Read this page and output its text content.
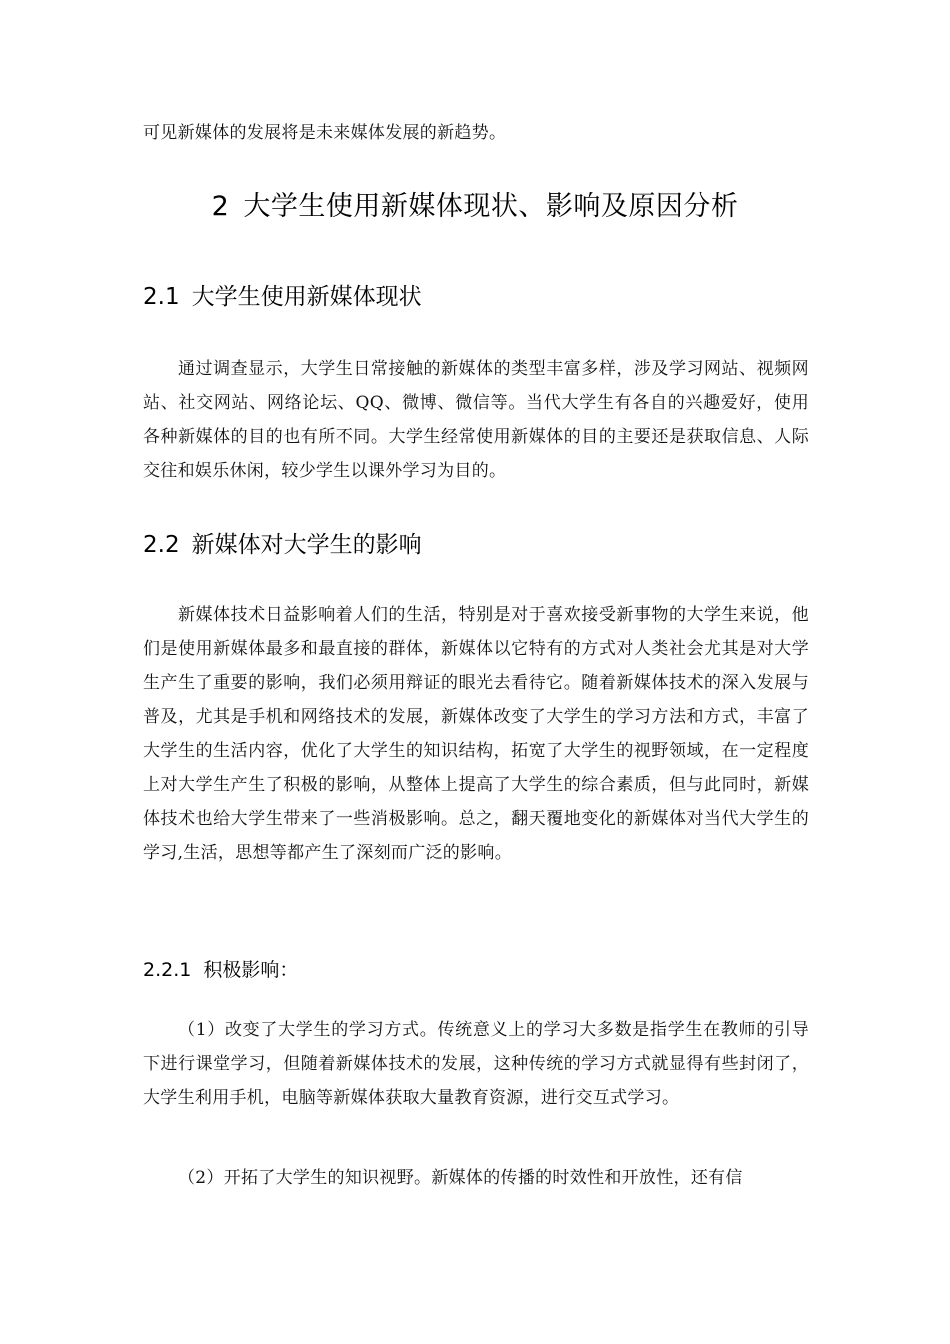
可见新媒体的发展将是未来媒体发展的新趋势。
2 大学生使用新媒体现状、影响及原因分析
2.1 大学生使用新媒体现状
通过调查显示，大学生日常接触的新媒体的类型丰富多样，涉及学习网站、视频网站、社交网站、网络论坛、QQ、微博、微信等。当代大学生有各自的兴趣爱好，使用各种新媒体的目的也有所不同。大学生经常使用新媒体的目的主要还是获取信息、人际交往和娱乐休闲，较少学生以课外学习为目的。
2.2 新媒体对大学生的影响
新媒体技术日益影响着人们的生活，特别是对于喜欢接受新事物的大学生来说，他们是使用新媒体最多和最直接的群体，新媒体以它特有的方式对人类社会尤其是对大学生产生了重要的影响，我们必须用辩证的眼光去看待它。随着新媒体技术的深入发展与普及，尤其是手机和网络技术的发展，新媒体改变了大学生的学习方法和方式，丰富了大学生的生活内容，优化了大学生的知识结构，拓宽了大学生的视野领域，在一定程度上对大学生产生了积极的影响，从整体上提高了大学生的综合素质，但与此同时，新媒体技术也给大学生带来了一些消极影响。总之，翻天覆地变化的新媒体对当代大学生的学习,生活，思想等都产生了深刻而广泛的影响。
2.2.1 积极影响：
（1）改变了大学生的学习方式。传统意义上的学习大多数是指学生在教师的引导下进行课堂学习，但随着新媒体技术的发展，这种传统的学习方式就显得有些封闭了，大学生利用手机，电脑等新媒体获取大量教育资源，进行交互式学习。
（2）开拓了大学生的知识视野。新媒体的传播的时效性和开放性，还有信
